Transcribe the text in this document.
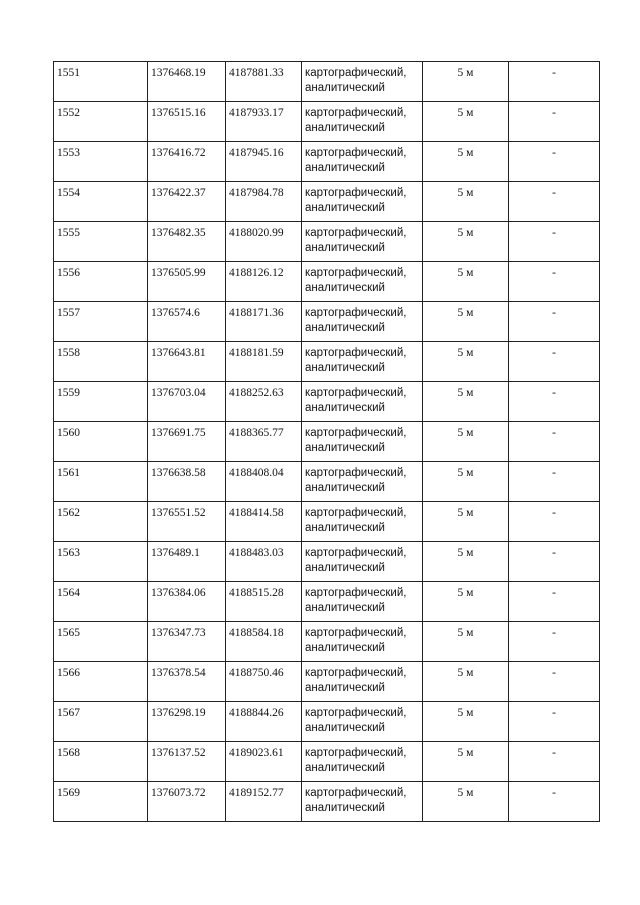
1551	1376468.19	4187881.33	картографический,
аналитический	5 м	-
1552	1376515.16	4187933.17	картографический,
аналитический	5 м	-
1553	1376416.72	4187945.16	картографический,
аналитический	5 м	-
1554	1376422.37	4187984.78	картографический,
аналитический	5 м	-
1555	1376482.35	4188020.99	картографический,
аналитический	5 м	-
1556	1376505.99	4188126.12	картографический,
аналитический	5 м	-
1557	1376574.6	4188171.36	картографический,
аналитический	5 м	-
1558	1376643.81	4188181.59	картографический,
аналитический	5 м	-
1559	1376703.04	4188252.63	картографический,
аналитический	5 м	-
1560	1376691.75	4188365.77	картографический,
аналитический	5 м	-
1561	1376638.58	4188408.04	картографический,
аналитический	5 м	-
1562	1376551.52	4188414.58	картографический,
аналитический	5 м	-
1563	1376489.1	4188483.03	картографический,
аналитический	5 м	-
1564	1376384.06	4188515.28	картографический,
аналитический	5 м	-
1565	1376347.73	4188584.18	картографический,
аналитический	5 м	-
1566	1376378.54	4188750.46	картографический,
аналитический	5 м	-
1567	1376298.19	4188844.26	картографический,
аналитический	5 м	-
1568	1376137.52	4189023.61	картографический,
аналитический	5 м	-
1569	1376073.72	4189152.77	картографический,
аналитический	5 м	-
